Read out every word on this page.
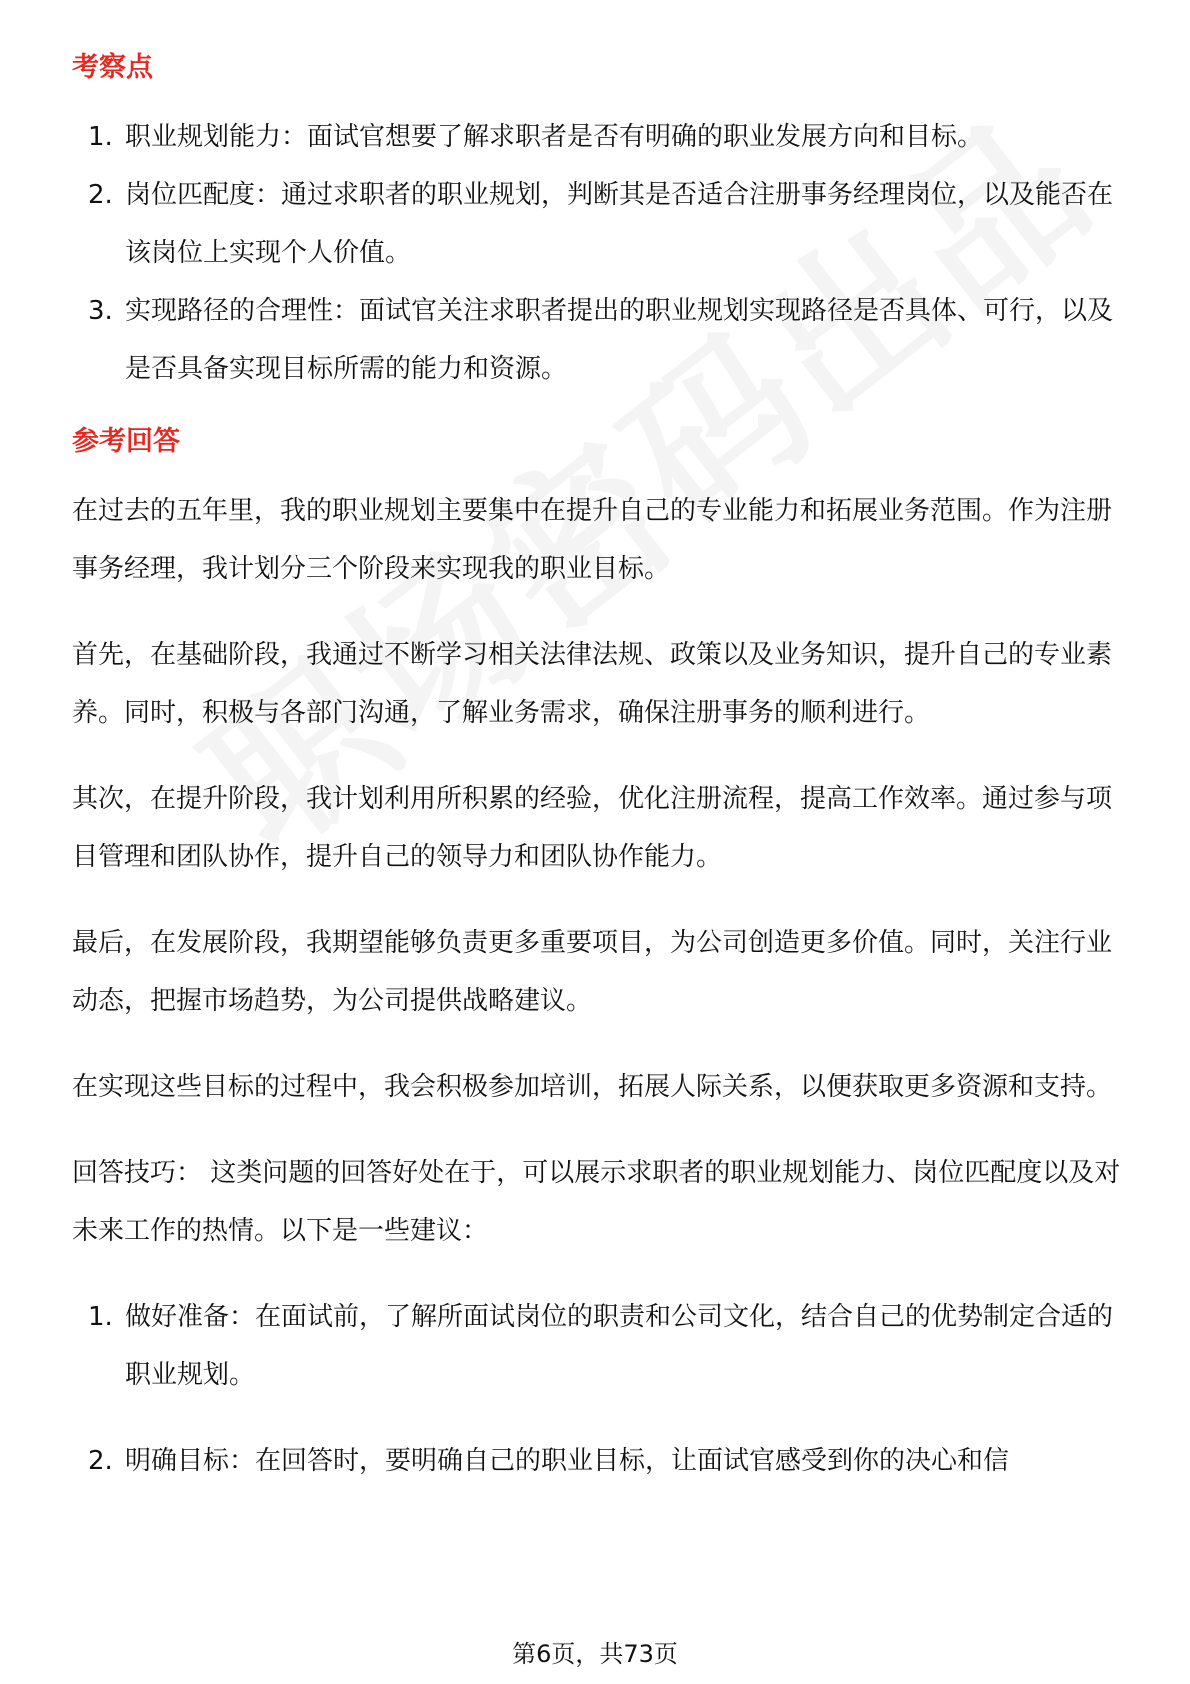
考察点
1. 职业规划能力：面试官想要了解求职者是否有明确的职业发展方向和目标。
2. 岗位匹配度：通过求职者的职业规划，判断其是否适合注册事务经理岗位，以及能否在该岗位上实现个人价值。
3. 实现路径的合理性：面试官关注求职者提出的职业规划实现路径是否具体、可行，以及是否具备实现目标所需的能力和资源。
参考回答

在过去的五年里，我的职业规划主要集中在提升自己的专业能力和拓展业务范围。作为注册事务经理，我计划分三个阶段来实现我的职业目标。

首先，在基础阶段，我通过不断学习相关法律法规、政策以及业务知识，提升自己的专业素养。同时，积极与各部门沟通，了解业务需求，确保注册事务的顺利进行。

其次，在提升阶段，我计划利用所积累的经验，优化注册流程，提高工作效率。通过参与项目管理和团队协作，提升自己的领导力和团队协作能力。

最后，在发展阶段，我期望能够负责更多重要项目，为公司创造更多价值。同时，关注行业动态，把握市场趋势，为公司提供战略建议。

在实现这些目标的过程中，我会积极参加培训，拓展人际关系，以便获取更多资源和支持。

回答技巧： 这类问题的回答好处在于，可以展示求职者的职业规划能力、岗位匹配度以及对未来工作的热情。以下是一些建议：

1. 做好准备：在面试前，了解所面试岗位的职责和公司文化，结合自己的优势制定合适的职业规划。
2. 明确目标：在回答时，要明确自己的职业目标，让面试官感受到你的决心和信
第6页，共73页
